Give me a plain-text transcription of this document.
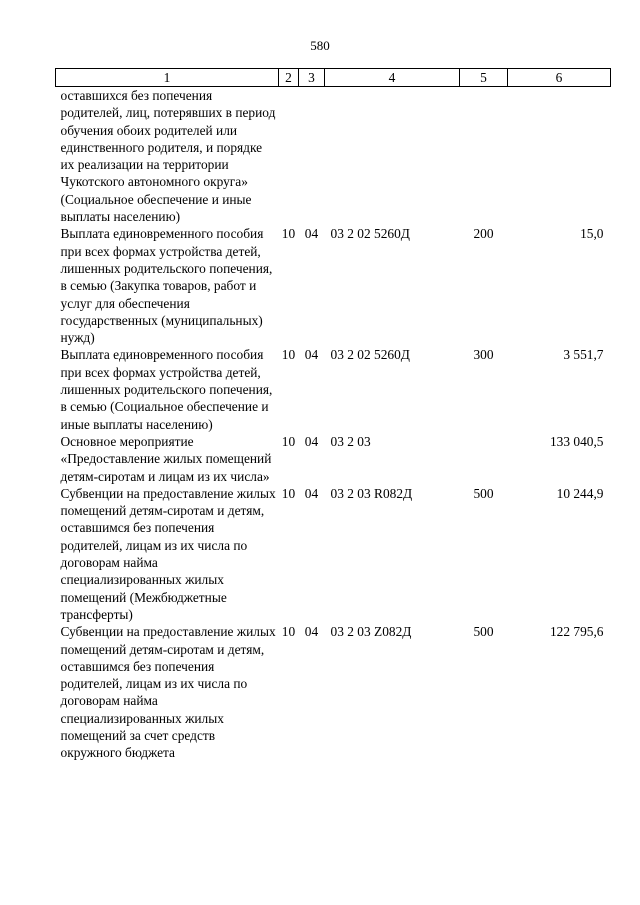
580
1	2	3	4	5	6
оставшихся без попечения родителей, лиц, потерявших в период обучения обоих родителей или единственного родителя, и порядке их реализации на территории Чукотского автономного округа» (Социальное обеспечение и иные выплаты населению)					
Выплата единовременного пособия при всех формах устройства детей, лишенных родительского попечения, в семью (Закупка товаров, работ и услуг для обеспечения государственных (муниципальных) нужд)	10	04	03 2 02 5260Д	200	15,0
Выплата единовременного пособия при всех формах устройства детей, лишенных родительского попечения, в семью (Социальное обеспечение и иные выплаты населению)	10	04	03 2 02 5260Д	300	3 551,7
Основное мероприятие «Предоставление жилых помещений детям-сиротам и лицам из их числа»	10	04	03 2 03		133 040,5
Субвенции на предоставление жилых помещений детям-сиротам и детям, оставшимся без попечения родителей, лицам из их числа по договорам найма специализированных жилых помещений (Межбюджетные трансферты)	10	04	03 2 03 R082Д	500	10 244,9
Субвенции на предоставление жилых помещений детям-сиротам и детям, оставшимся без попечения родителей, лицам из их числа по договорам найма специализированных жилых помещений за счет средств окружного бюджета	10	04	03 2 03 Z082Д	500	122 795,6
